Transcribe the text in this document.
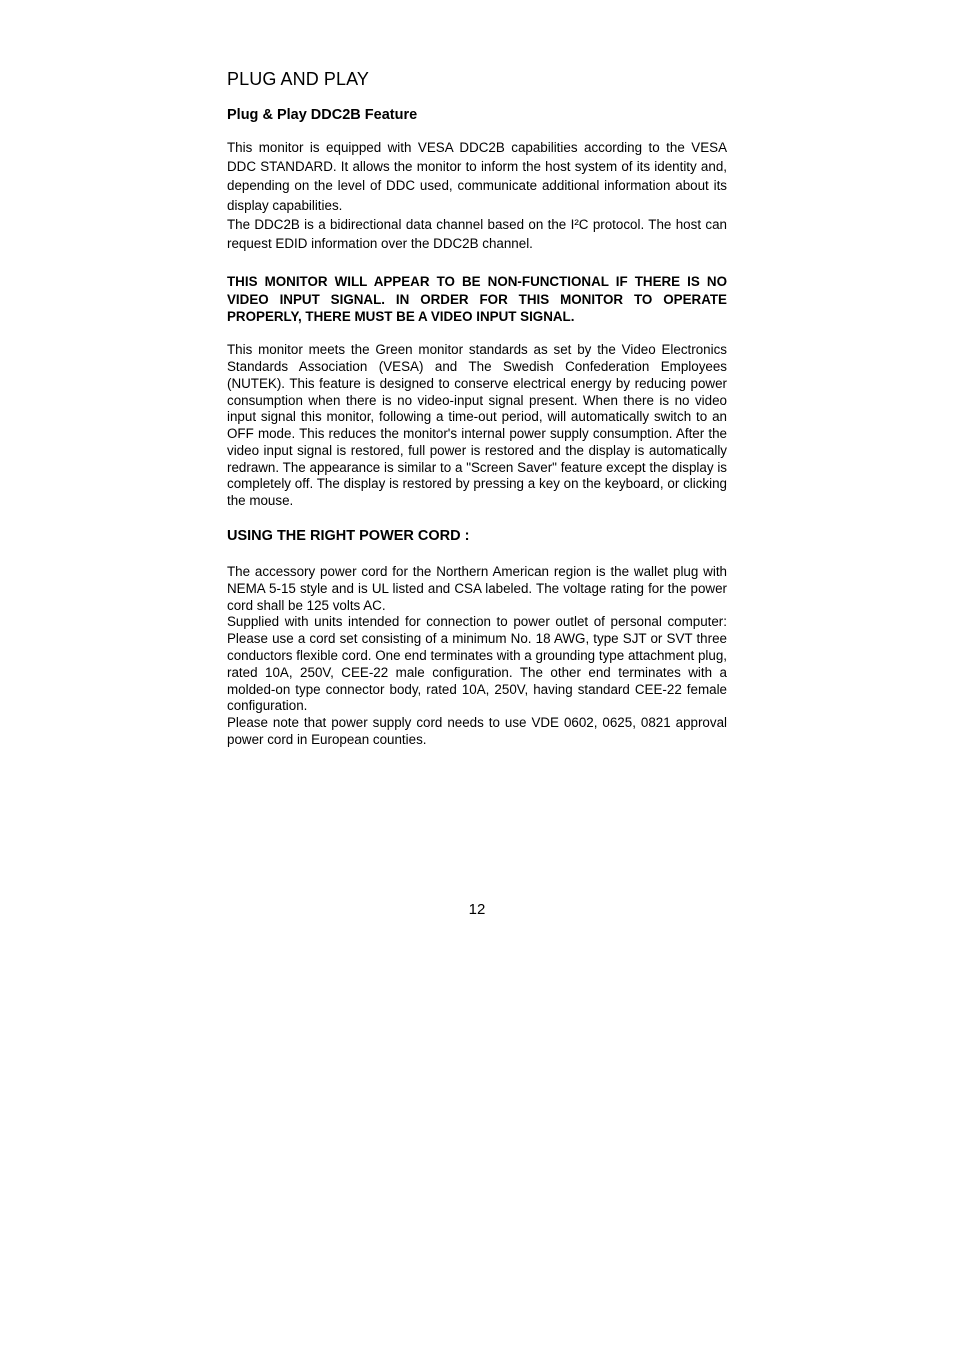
PLUG AND PLAY
Plug & Play DDC2B Feature

This monitor is equipped with VESA DDC2B capabilities according to the VESA DDC STANDARD. It allows the monitor to inform the host system of its identity and, depending on the level of DDC used, communicate additional information about its display capabilities.

The DDC2B is a bidirectional data channel based on the I²C protocol. The host can request EDID information over the DDC2B channel.

THIS MONITOR WILL APPEAR TO BE NON-FUNCTIONAL IF THERE IS NO VIDEO INPUT SIGNAL. IN ORDER FOR THIS MONITOR TO OPERATE PROPERLY, THERE MUST BE A VIDEO INPUT SIGNAL.

This monitor meets the Green monitor standards as set by the Video Electronics Standards Association (VESA) and The Swedish Confederation Employees (NUTEK). This feature is designed to conserve electrical energy by reducing power consumption when there is no video-input signal present. When there is no video input signal this monitor, following a time-out period, will automatically switch to an OFF mode. This reduces the monitor's internal power supply consumption. After the video input signal is restored, full power is restored and the display is automatically redrawn. The appearance is similar to a "Screen Saver" feature except the display is completely off. The display is restored by pressing a key on the keyboard, or clicking the mouse.

USING THE RIGHT POWER CORD :

The accessory power cord for the Northern American region is the wallet plug with NEMA 5-15 style and is UL listed and CSA labeled. The voltage rating for the power cord shall be 125 volts AC.

Supplied with units intended for connection to power outlet of personal computer: Please use a cord set consisting of a minimum No. 18 AWG, type SJT or SVT three conductors flexible cord. One end terminates with a grounding type attachment plug, rated 10A, 250V, CEE-22 male configuration. The other end terminates with a molded-on type connector body, rated 10A, 250V, having standard CEE-22 female configuration.

Please note that power supply cord needs to use VDE 0602, 0625, 0821 approval power cord in European counties.

12
